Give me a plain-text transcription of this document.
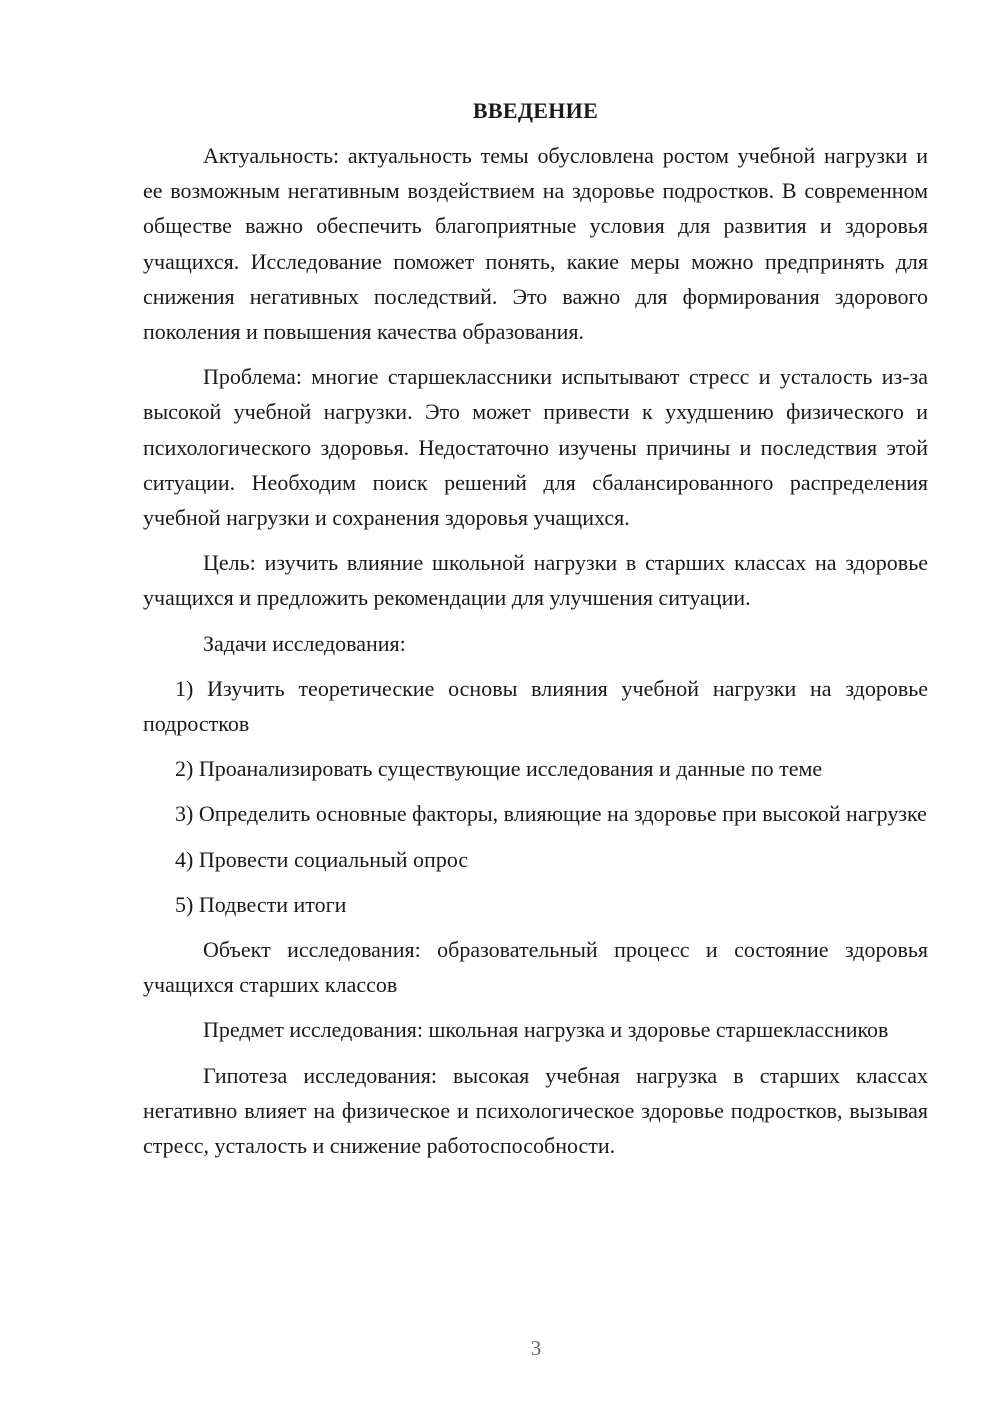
ВВЕДЕНИЕ

Актуальность: актуальность темы обусловлена ростом учебной нагрузки и ее возможным негативным воздействием на здоровье подростков. В современном обществе важно обеспечить благоприятные условия для развития и здоровья учащихся. Исследование поможет понять, какие меры можно предпринять для снижения негативных последствий. Это важно для формирования здорового поколения и повышения качества образования.

Проблема: многие старшеклассники испытывают стресс и усталость из-за высокой учебной нагрузки. Это может привести к ухудшению физического и психологического здоровья. Недостаточно изучены причины и последствия этой ситуации. Необходим поиск решений для сбалансированного распределения учебной нагрузки и сохранения здоровья учащихся.

Цель: изучить влияние школьной нагрузки в старших классах на здоровье учащихся и предложить рекомендации для улучшения ситуации.

Задачи исследования:

1) Изучить теоретические основы влияния учебной нагрузки на здоровье подростков

2) Проанализировать существующие исследования и данные по теме

3) Определить основные факторы, влияющие на здоровье при высокой нагрузке

4) Провести социальный опрос

5) Подвести итоги

Объект исследования: образовательный процесс и состояние здоровья учащихся старших классов

Предмет исследования: школьная нагрузка и здоровье старшеклассников

Гипотеза исследования: высокая учебная нагрузка в старших классах негативно влияет на физическое и психологическое здоровье подростков, вызывая стресс, усталость и снижение работоспособности.

3
